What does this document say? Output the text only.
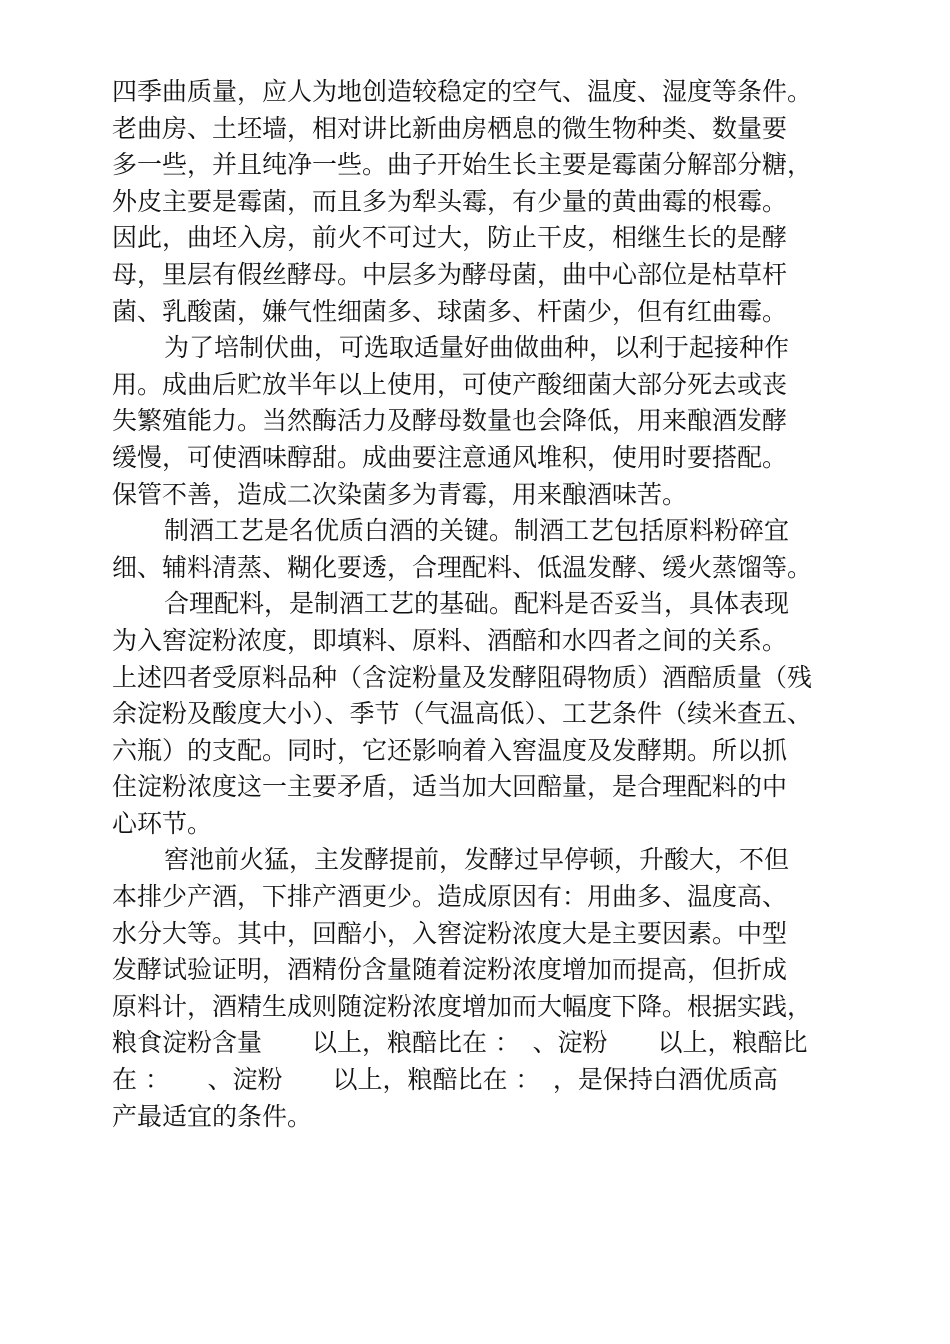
四季曲质量，应人为地创造较稳定的空气、温度、湿度等条件。
老曲房、土坯墙，相对讲比新曲房栖息的微生物种类、数量要
多一些，并且纯净一些。曲子开始生长主要是霉菌分解部分糖，
外皮主要是霉菌，而且多为犁头霉，有少量的黄曲霉的根霉。
因此，曲坯入房，前火不可过大，防止干皮，相继生长的是酵
母，里层有假丝酵母。中层多为酵母菌，曲中心部位是枯草杆
菌、乳酸菌，嫌气性细菌多、球菌多、杆菌少，但有红曲霉。
为了培制伏曲，可选取适量好曲做曲种，以利于起接种作
用。成曲后贮放半年以上使用，可使产酸细菌大部分死去或丧
失繁殖能力。当然酶活力及酵母数量也会降低，用来酿酒发酵
缓慢，可使酒味醇甜。成曲要注意通风堆积，使用时要搭配。
保管不善，造成二次染菌多为青霉，用来酿酒味苦。
制酒工艺是名优质白酒的关键。制酒工艺包括原料粉碎宜
细、辅料清蒸、糊化要透，合理配料、低温发酵、缓火蒸馏等。
合理配料，是制酒工艺的基础。配料是否妥当，具体表现
为入窖淀粉浓度，即填料、原料、酒醅和水四者之间的关系。
上述四者受原料品种（含淀粉量及发酵阻碍物质）酒醅质量（残
余淀粉及酸度大小）、季节（气温高低）、工艺条件（续米查五、
六瓶）的支配。同时，它还影响着入窖温度及发酵期。所以抓
住淀粉浓度这一主要矛盾，适当加大回醅量，是合理配料的中
心环节。
窖池前火猛，主发酵提前，发酵过早停顿，升酸大，不但
本排少产酒，下排产酒更少。造成原因有：用曲多、温度高、
水分大等。其中，回醅小，入窖淀粉浓度大是主要因素。中型
发酵试验证明，酒精份含量随着淀粉浓度增加而提高，但折成
原料计，酒精生成则随淀粉浓度增加而大幅度下降。根据实践，
粮食淀粉含量　　以上，粮醅比在 ：　、淀粉　　以上，粮醅比
在 ：　　、淀粉　　以上，粮醅比在 ：　，是保持白酒优质高
产最适宜的条件。
